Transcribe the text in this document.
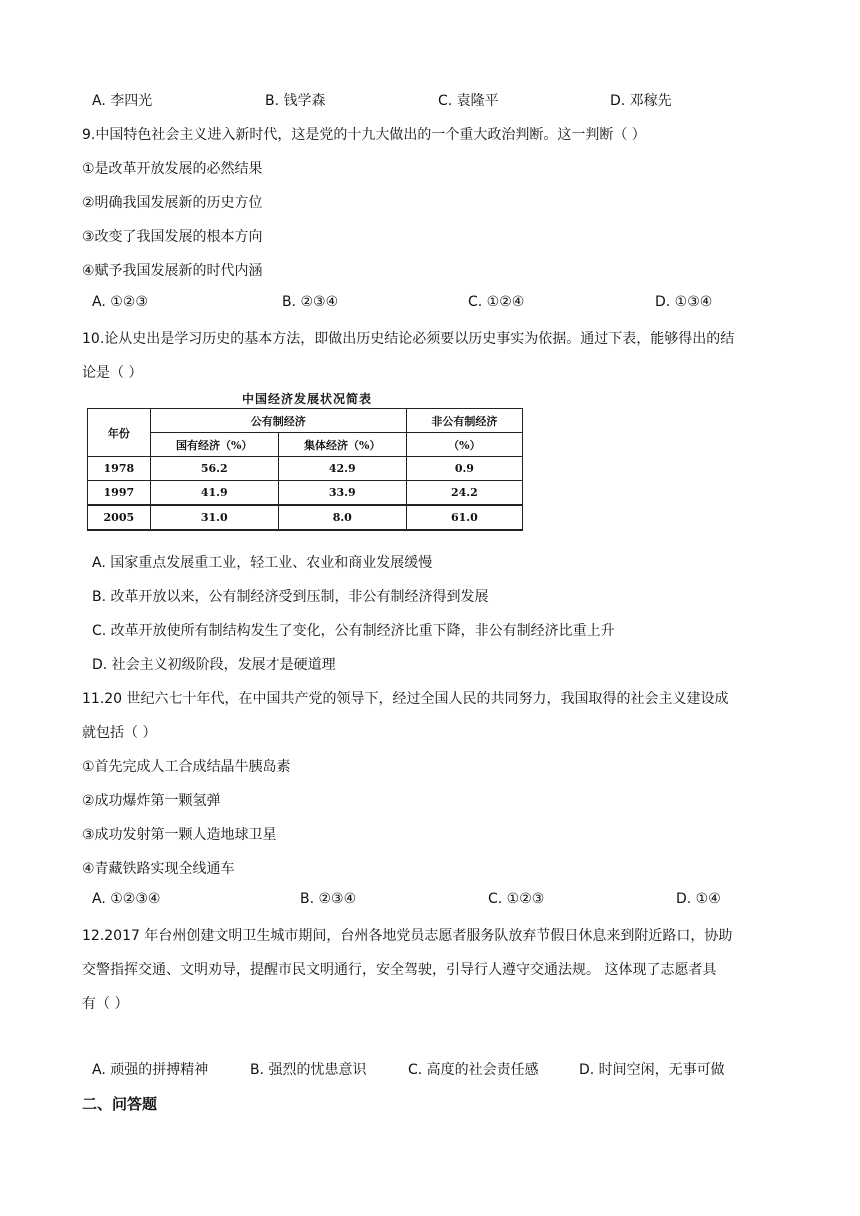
A. 李四光	B. 钱学森	C. 袁隆平	D. 邓稼先
9.中国特色社会主义进入新时代，这是党的十九大做出的一个重大政治判断。这一判断（ ）
①是改革开放发展的必然结果
②明确我国发展新的历史方位
③改变了我国发展的根本方向
④赋予我国发展新的时代内涵
A. ①②③	B. ②③④	C. ①②④	D. ①③④
10.论从史出是学习历史的基本方法，即做出历史结论必须要以历史事实为依据。通过下表，能够得出的结
论是（ ）
中国经济发展状况简表
年份	公有制经济		非公有制经济
	国有经济（%）	集体经济（%）	（%）
1978	56.2	42.9	0.9
1997	41.9	33.9	24.2
2005	31.0	8.0	61.0
A. 国家重点发展重工业，轻工业、农业和商业发展缓慢
B. 改革开放以来，公有制经济受到压制，非公有制经济得到发展
C. 改革开放使所有制结构发生了变化，公有制经济比重下降，非公有制经济比重上升
D. 社会主义初级阶段，发展才是硬道理
11.20 世纪六七十年代，在中国共产党的领导下，经过全国人民的共同努力，我国取得的社会主义建设成
就包括（ ）
①首先完成人工合成结晶牛胰岛素
②成功爆炸第一颗氢弹
③成功发射第一颗人造地球卫星
④青藏铁路实现全线通车
A. ①②③④	B. ②③④	C. ①②③	D. ①④
12.2017 年台州创建文明卫生城市期间，台州各地党员志愿者服务队放弃节假日休息来到附近路口，协助
交警指挥交通、文明劝导，提醒市民文明通行，安全驾驶，引导行人遵守交通法规。 这体现了志愿者具
有（ ）
A. 顽强的拼搏精神	B. 强烈的忧患意识	C. 高度的社会责任感	D. 时间空闲，无事可做
二、问答题
